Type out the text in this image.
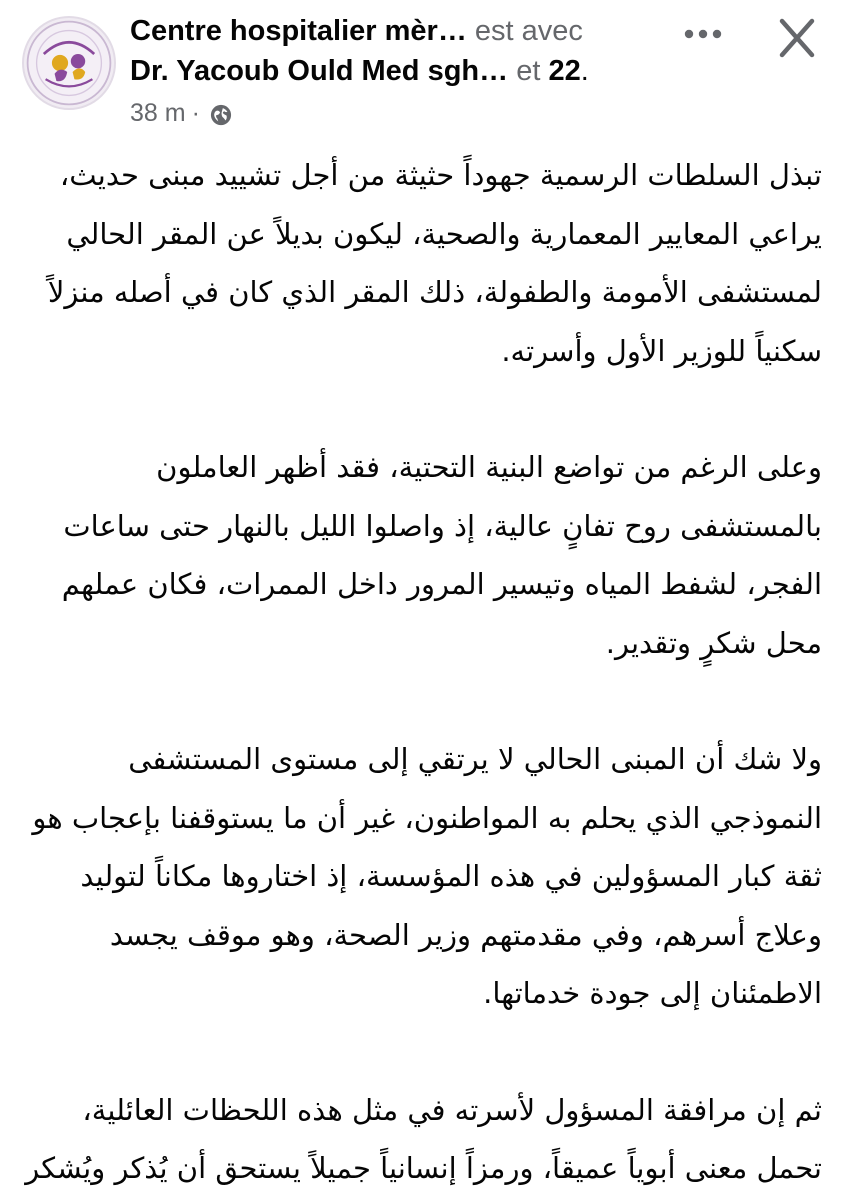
Centre hospitalier mèr… est avec
Dr. Yacoub Ould Med sgh… et 22.
38 m ·

تبذل السلطات الرسمية جهوداً حثيثة من أجل تشييد مبنى حديث، يراعي المعايير المعمارية والصحية، ليكون بديلاً عن المقر الحالي لمستشفى الأمومة والطفولة، ذلك المقر الذي كان في أصله منزلاً سكنياً للوزير الأول وأسرته.

وعلى الرغم من تواضع البنية التحتية، فقد أظهر العاملون بالمستشفى روح تفانٍ عالية، إذ واصلوا الليل بالنهار حتى ساعات الفجر، لشفط المياه وتيسير المرور داخل الممرات، فكان عملهم محل شكرٍ وتقدير.

ولا شك أن المبنى الحالي لا يرتقي إلى مستوى المستشفى النموذجي الذي يحلم به المواطنون، غير أن ما يستوقفنا بإعجاب هو ثقة كبار المسؤولين في هذه المؤسسة، إذ اختاروها مكاناً لتوليد وعلاج أسرهم، وفي مقدمتهم وزير الصحة، وهو موقف يجسد الاطمئنان إلى جودة خدماتها.

ثم إن مرافقة المسؤول لأسرته في مثل هذه اللحظات العائلية، تحمل معنى أبوياً عميقاً، ورمزاً إنسانياً جميلاً يستحق أن يُذكر ويُشكر
